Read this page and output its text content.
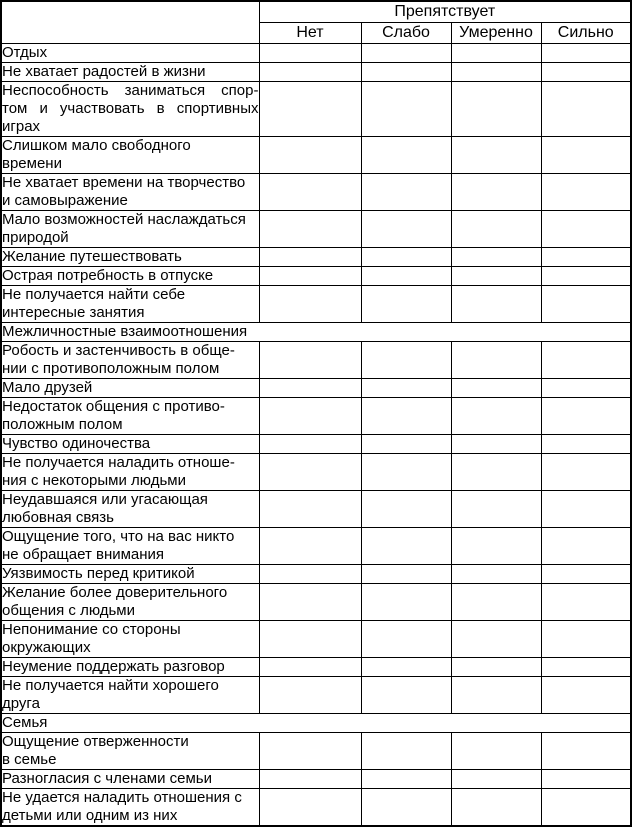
	Препятствует			
	Нет	Слабо	Умеренно	Сильно

Отдых				

Не хватает радостей в жизни				

Неспособность заниматься спор-
том и участвовать в спортивных
играх				

Слишком мало свободного
времени				

Не хватает времени на творчество
и самовыражение				

Мало возможностей наслаждаться
природой				

Желание путешествовать				

Острая потребность в отпуске				

Не получается найти себе
интересные занятия				

Межличностные взаимоотношения				

Робость и застенчивость в обще-
нии с противоположным полом				

Мало друзей				

Недостаток общения с противо-
положным полом				

Чувство одиночества				

Не получается наладить отноше-
ния с некоторыми людьми				

Неудавшаяся или угасающая
любовная связь				

Ощущение того, что на вас никто
не обращает внимания				

Уязвимость перед критикой				

Желание более доверительного
общения с людьми				

Непонимание со стороны
окружающих				

Неумение поддержать разговор				

Не получается найти хорошего
друга				

Семья				

Ощущение отверженности
в семье				

Разногласия с членами семьи				

Не удается наладить отношения с
детьми или одним из них				
